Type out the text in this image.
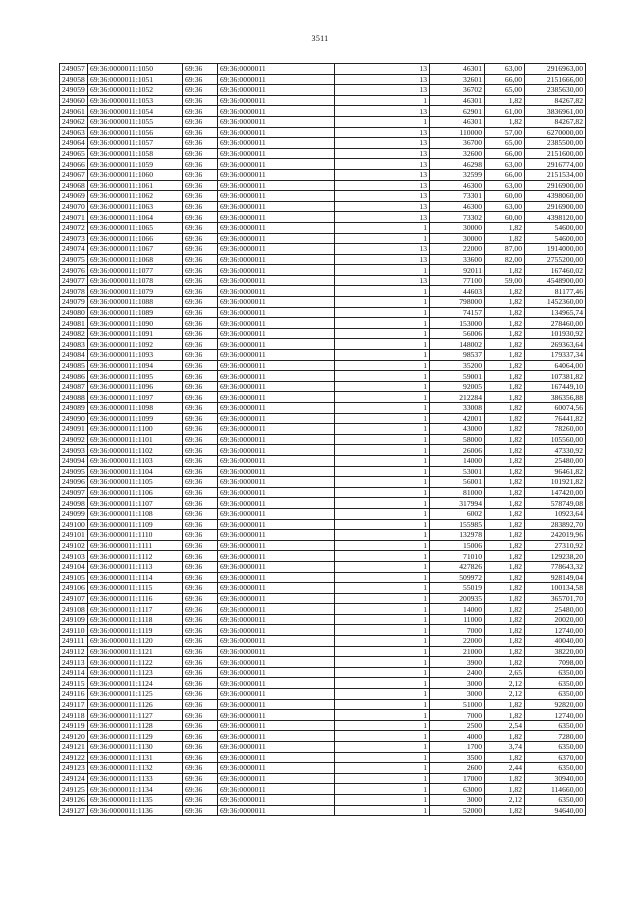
3511
249057	69:36:0000011:1050	69:36	69:36:0000011	13	46301	63,00	2916963,00
249058	69:36:0000011:1051	69:36	69:36:0000011	13	32601	66,00	2151666,00
249059	69:36:0000011:1052	69:36	69:36:0000011	13	36702	65,00	2385630,00
249060	69:36:0000011:1053	69:36	69:36:0000011	1	46301	1,82	84267,82
249061	69:36:0000011:1054	69:36	69:36:0000011	13	62901	61,00	3836961,00
249062	69:36:0000011:1055	69:36	69:36:0000011	1	46301	1,82	84267,82
249063	69:36:0000011:1056	69:36	69:36:0000011	13	110000	57,00	6270000,00
249064	69:36:0000011:1057	69:36	69:36:0000011	13	36700	65,00	2385500,00
249065	69:36:0000011:1058	69:36	69:36:0000011	13	32600	66,00	2151600,00
249066	69:36:0000011:1059	69:36	69:36:0000011	13	46298	63,00	2916774,00
249067	69:36:0000011:1060	69:36	69:36:0000011	13	32599	66,00	2151534,00
249068	69:36:0000011:1061	69:36	69:36:0000011	13	46300	63,00	2916900,00
249069	69:36:0000011:1062	69:36	69:36:0000011	13	73301	60,00	4398060,00
249070	69:36:0000011:1063	69:36	69:36:0000011	13	46300	63,00	2916900,00
249071	69:36:0000011:1064	69:36	69:36:0000011	13	73302	60,00	4398120,00
249072	69:36:0000011:1065	69:36	69:36:0000011	1	30000	1,82	54600,00
249073	69:36:0000011:1066	69:36	69:36:0000011	1	30000	1,82	54600,00
249074	69:36:0000011:1067	69:36	69:36:0000011	13	22000	87,00	1914000,00
249075	69:36:0000011:1068	69:36	69:36:0000011	13	33600	82,00	2755200,00
249076	69:36:0000011:1077	69:36	69:36:0000011	1	92011	1,82	167460,02
249077	69:36:0000011:1078	69:36	69:36:0000011	13	77100	59,00	4548900,00
249078	69:36:0000011:1079	69:36	69:36:0000011	1	44603	1,82	81177,46
249079	69:36:0000011:1088	69:36	69:36:0000011	1	798000	1,82	1452360,00
249080	69:36:0000011:1089	69:36	69:36:0000011	1	74157	1,82	134965,74
249081	69:36:0000011:1090	69:36	69:36:0000011	1	153000	1,82	278460,00
249082	69:36:0000011:1091	69:36	69:36:0000011	1	56006	1,82	101930,92
249083	69:36:0000011:1092	69:36	69:36:0000011	1	148002	1,82	269363,64
249084	69:36:0000011:1093	69:36	69:36:0000011	1	98537	1,82	179337,34
249085	69:36:0000011:1094	69:36	69:36:0000011	1	35200	1,82	64064,00
249086	69:36:0000011:1095	69:36	69:36:0000011	1	59001	1,82	107381,82
249087	69:36:0000011:1096	69:36	69:36:0000011	1	92005	1,82	167449,10
249088	69:36:0000011:1097	69:36	69:36:0000011	1	212284	1,82	386356,88
249089	69:36:0000011:1098	69:36	69:36:0000011	1	33008	1,82	60074,56
249090	69:36:0000011:1099	69:36	69:36:0000011	1	42001	1,82	76441,82
249091	69:36:0000011:1100	69:36	69:36:0000011	1	43000	1,82	78260,00
249092	69:36:0000011:1101	69:36	69:36:0000011	1	58000	1,82	105560,00
249093	69:36:0000011:1102	69:36	69:36:0000011	1	26006	1,82	47330,92
249094	69:36:0000011:1103	69:36	69:36:0000011	1	14000	1,82	25480,00
249095	69:36:0000011:1104	69:36	69:36:0000011	1	53001	1,82	96461,82
249096	69:36:0000011:1105	69:36	69:36:0000011	1	56001	1,82	101921,82
249097	69:36:0000011:1106	69:36	69:36:0000011	1	81000	1,82	147420,00
249098	69:36:0000011:1107	69:36	69:36:0000011	1	317994	1,82	578749,08
249099	69:36:0000011:1108	69:36	69:36:0000011	1	6002	1,82	10923,64
249100	69:36:0000011:1109	69:36	69:36:0000011	1	155985	1,82	283892,70
249101	69:36:0000011:1110	69:36	69:36:0000011	1	132978	1,82	242019,96
249102	69:36:0000011:1111	69:36	69:36:0000011	1	15006	1,82	27310,92
249103	69:36:0000011:1112	69:36	69:36:0000011	1	71010	1,82	129238,20
249104	69:36:0000011:1113	69:36	69:36:0000011	1	427826	1,82	778643,32
249105	69:36:0000011:1114	69:36	69:36:0000011	1	509972	1,82	928149,04
249106	69:36:0000011:1115	69:36	69:36:0000011	1	55019	1,82	100134,58
249107	69:36:0000011:1116	69:36	69:36:0000011	1	200935	1,82	365701,70
249108	69:36:0000011:1117	69:36	69:36:0000011	1	14000	1,82	25480,00
249109	69:36:0000011:1118	69:36	69:36:0000011	1	11000	1,82	20020,00
249110	69:36:0000011:1119	69:36	69:36:0000011	1	7000	1,82	12740,00
249111	69:36:0000011:1120	69:36	69:36:0000011	1	22000	1,82	40040,00
249112	69:36:0000011:1121	69:36	69:36:0000011	1	21000	1,82	38220,00
249113	69:36:0000011:1122	69:36	69:36:0000011	1	3900	1,82	7098,00
249114	69:36:0000011:1123	69:36	69:36:0000011	1	2400	2,65	6350,00
249115	69:36:0000011:1124	69:36	69:36:0000011	1	3000	2,12	6350,00
249116	69:36:0000011:1125	69:36	69:36:0000011	1	3000	2,12	6350,00
249117	69:36:0000011:1126	69:36	69:36:0000011	1	51000	1,82	92820,00
249118	69:36:0000011:1127	69:36	69:36:0000011	1	7000	1,82	12740,00
249119	69:36:0000011:1128	69:36	69:36:0000011	1	2500	2,54	6350,00
249120	69:36:0000011:1129	69:36	69:36:0000011	1	4000	1,82	7280,00
249121	69:36:0000011:1130	69:36	69:36:0000011	1	1700	3,74	6350,00
249122	69:36:0000011:1131	69:36	69:36:0000011	1	3500	1,82	6370,00
249123	69:36:0000011:1132	69:36	69:36:0000011	1	2600	2,44	6350,00
249124	69:36:0000011:1133	69:36	69:36:0000011	1	17000	1,82	30940,00
249125	69:36:0000011:1134	69:36	69:36:0000011	1	63000	1,82	114660,00
249126	69:36:0000011:1135	69:36	69:36:0000011	1	3000	2,12	6350,00
249127	69:36:0000011:1136	69:36	69:36:0000011	1	52000	1,82	94640,00
